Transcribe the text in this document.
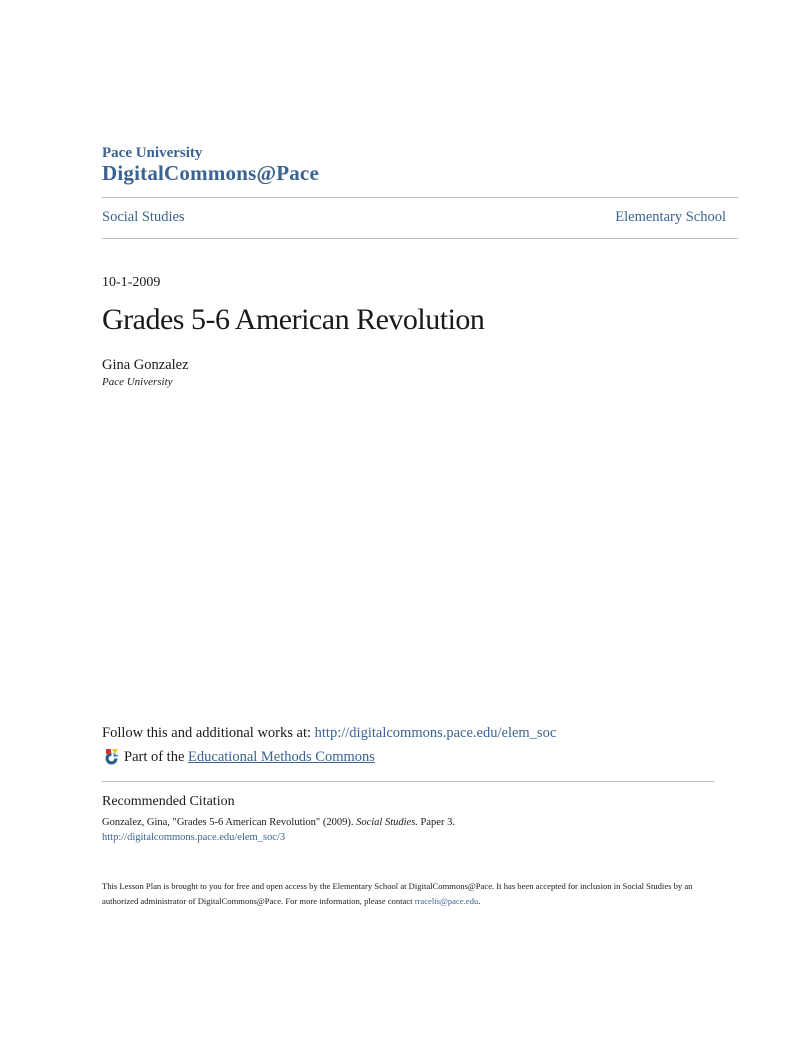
Pace University
DigitalCommons@Pace
Social Studies	Elementary School
10-1-2009
Grades 5-6 American Revolution
Gina Gonzalez
Pace University
Follow this and additional works at: http://digitalcommons.pace.edu/elem_soc
Part of the
Educational Methods Commons
Recommended Citation
Gonzalez, Gina, "Grades 5-6 American Revolution" (2009). Social Studies. Paper 3.
http://digitalcommons.pace.edu/elem_soc/3
This Lesson Plan is brought to you for free and open access by the Elementary School at DigitalCommons@Pace. It has been accepted for inclusion in Social Studies by an authorized administrator of DigitalCommons@Pace. For more information, please contact rracelis@pace.edu.
